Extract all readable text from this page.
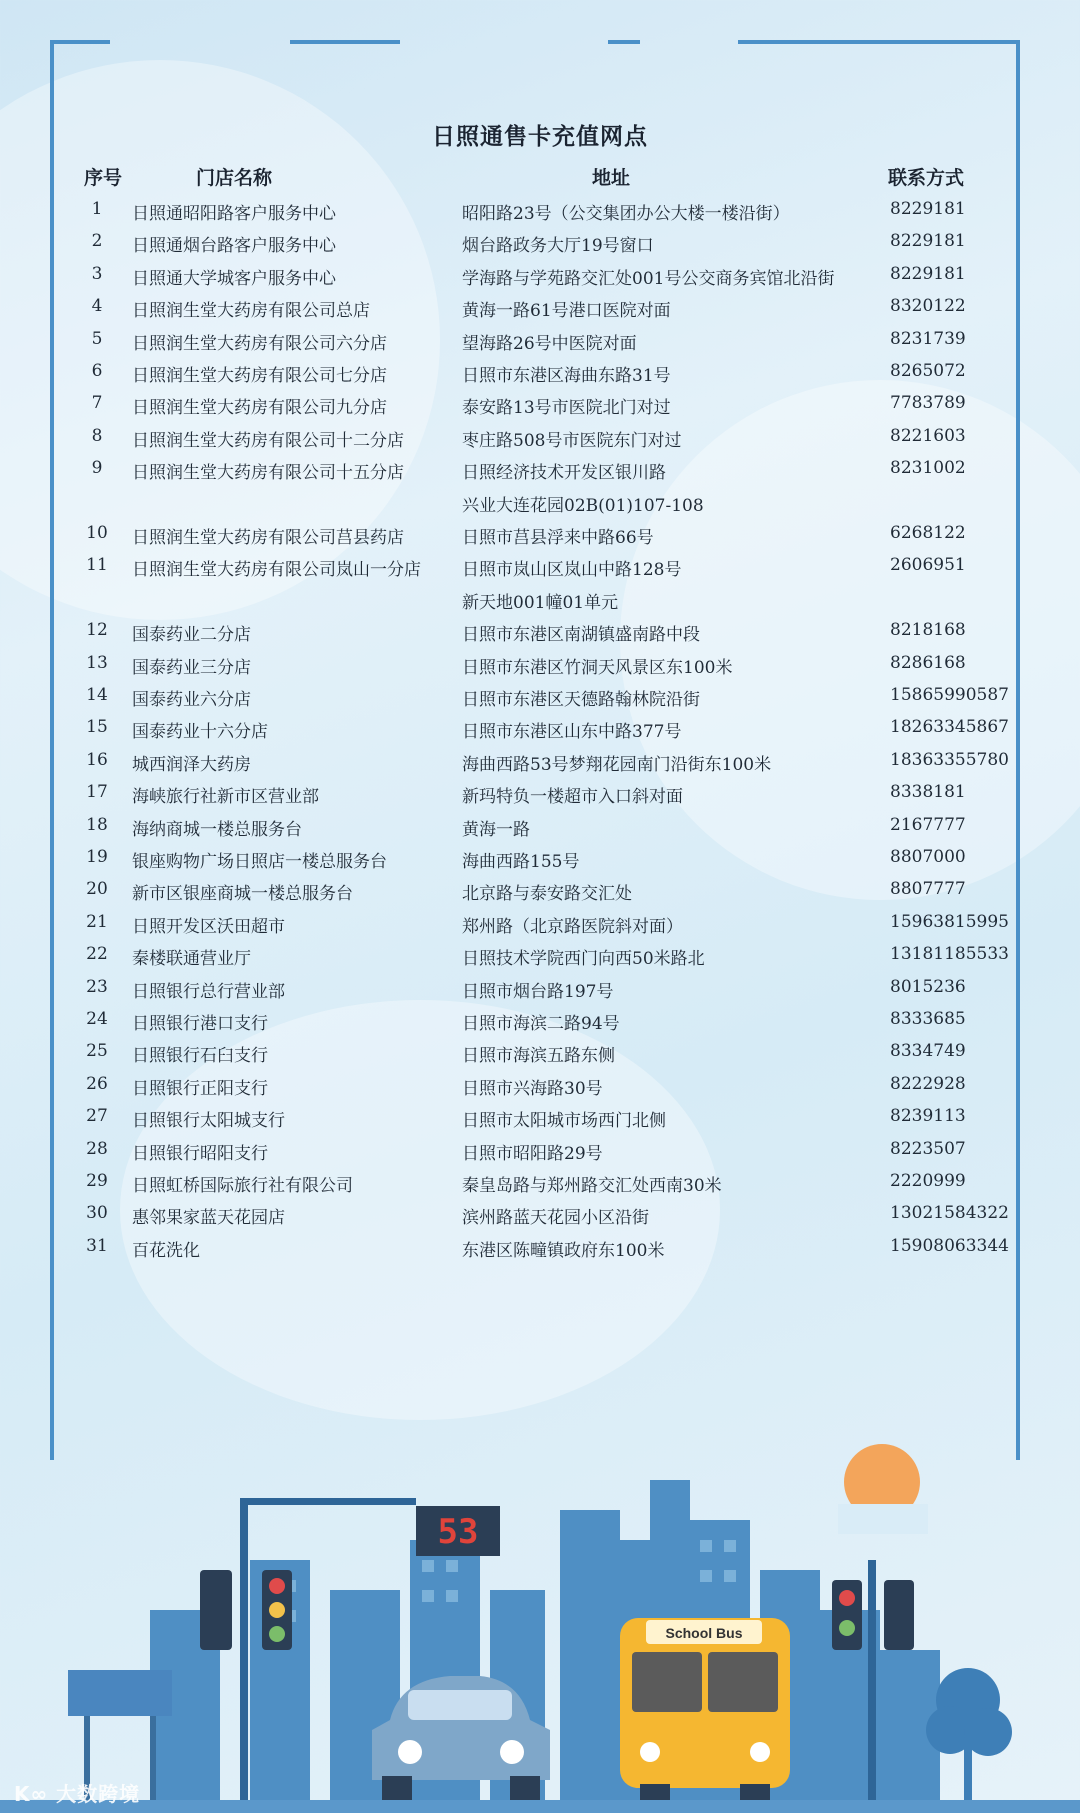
日照通售卡充值网点
序号	门店名称	地址	联系方式
1	日照通昭阳路客户服务中心	昭阳路23号（公交集团办公大楼一楼沿街）	8229181
2	日照通烟台路客户服务中心	烟台路政务大厅19号窗口	8229181
3	日照通大学城客户服务中心	学海路与学苑路交汇处001号公交商务宾馆北沿街	8229181
4	日照润生堂大药房有限公司总店	黄海一路61号港口医院对面	8320122
5	日照润生堂大药房有限公司六分店	望海路26号中医院对面	8231739
6	日照润生堂大药房有限公司七分店	日照市东港区海曲东路31号	8265072
7	日照润生堂大药房有限公司九分店	泰安路13号市医院北门对过	7783789
8	日照润生堂大药房有限公司十二分店	枣庄路508号市医院东门对过	8221603
9	日照润生堂大药房有限公司十五分店	日照经济技术开发区银川路	8231002
兴业大连花园02B(01)107-108
10 日照润生堂大药房有限公司莒县药店	日照市莒县浮来中路66号	6268122
11 日照润生堂大药房有限公司岚山一分店 日照市岚山区岚山中路128号	2606951
新天地001幢01单元
12 国泰药业二分店	日照市东港区南湖镇盛南路中段	8218168
13 国泰药业三分店	日照市东港区竹洞天风景区东100米	8286168
14 国泰药业六分店	日照市东港区天德路翰林院沿街	15865990587
15 国泰药业十六分店	日照市东港区山东中路377号	18263345867
16 城西润泽大药房	海曲西路53号梦翔花园南门沿街东100米	18363355780
17 海峡旅行社新市区营业部	新玛特负一楼超市入口斜对面	8338181
18 海纳商城一楼总服务台	黄海一路	2167777
19 银座购物广场日照店一楼总服务台	海曲西路155号	8807000
20 新市区银座商城一楼总服务台	北京路与泰安路交汇处	8807777
21 日照开发区沃田超市	郑州路（北京路医院斜对面）	15963815995
22 秦楼联通营业厅	日照技术学院西门向西50米路北	13181185533
23 日照银行总行营业部	日照市烟台路197号	8015236
24 日照银行港口支行	日照市海滨二路94号	8333685
25 日照银行石臼支行	日照市海滨五路东侧	8334749
26 日照银行正阳支行	日照市兴海路30号	8222928
27 日照银行太阳城支行	日照市太阳城市场西门北侧	8239113
28 日照银行昭阳支行	日照市昭阳路29号	8223507
29 日照虹桥国际旅行社有限公司	秦皇岛路与郑州路交汇处西南30米	2220999
30 惠邻果家蓝天花园店	滨州路蓝天花园小区沿街	13021584322
31 百花洗化	东港区陈疃镇政府东100米	15908063344
53
School Bus
K∞ 大数跨境
